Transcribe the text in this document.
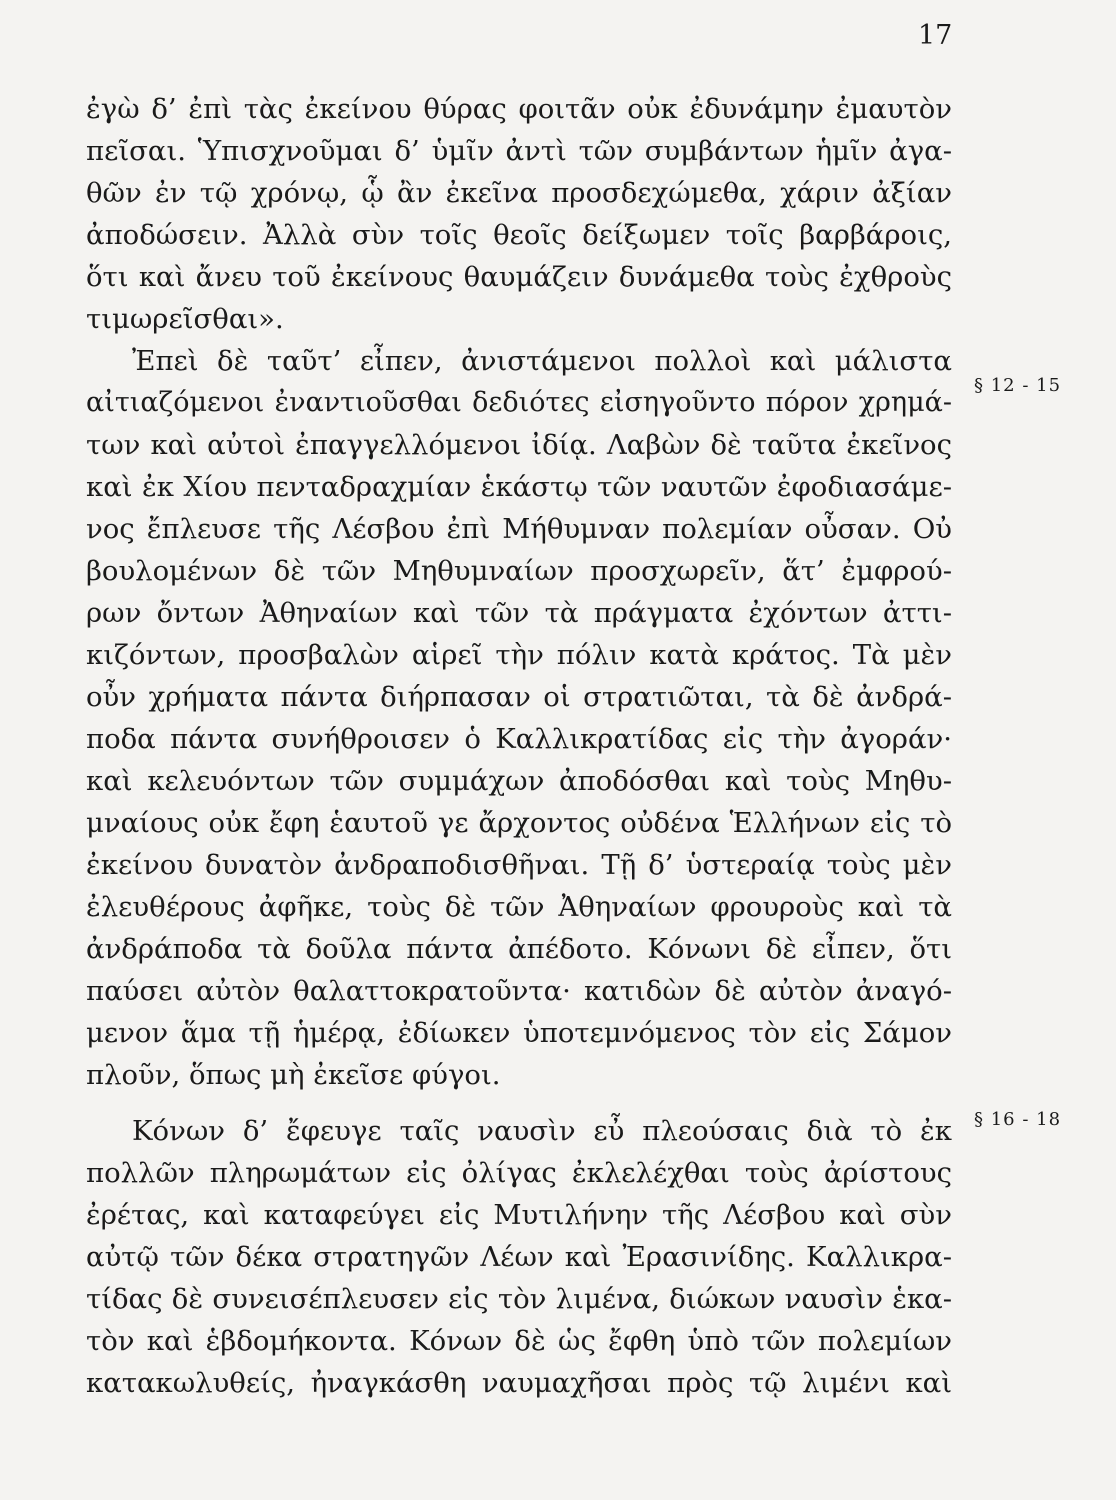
17
ἐγὼ δ’ ἐπὶ τὰς ἐκείνου θύρας φοιτᾶν οὐκ ἐδυνάμην ἐμαυτὸν
πεῖσαι. Ὑπισχνοῦμαι δ’ ὑμῖν ἀντὶ τῶν συμβάντων ἡμῖν ἀγα-
θῶν ἐν τῷ χρόνῳ, ᾧ ἂν ἐκεῖνα προσδεχώμεθα, χάριν ἀξίαν
ἀποδώσειν. Ἀλλὰ σὺν τοῖς θεοῖς δείξωμεν τοῖς βαρβάροις,
ὅτι καὶ ἄνευ τοῦ ἐκείνους θαυμάζειν δυνάμεθα τοὺς ἐχθροὺς
τιμωρεῖσθαι».
Ἐπεὶ δὲ ταῦτ’ εἶπεν, ἀνιστάμενοι πολλοὶ καὶ μάλιστα
αἰτιαζόμενοι ἐναντιοῦσθαι δεδιότες εἰσηγοῦντο πόρον χρημά-
των καὶ αὐτοὶ ἐπαγγελλόμενοι ἰδίᾳ. Λαβὼν δὲ ταῦτα ἐκεῖνος
καὶ ἐκ Χίου πενταδραχμίαν ἑκάστῳ τῶν ναυτῶν ἐφοδιασάμε-
νος ἔπλευσε τῆς Λέσβου ἐπὶ Μήθυμναν πολεμίαν οὖσαν. Οὐ
βουλομένων δὲ τῶν Μηθυμναίων προσχωρεῖν, ἅτ’ ἐμφρού-
ρων ὄντων Ἀθηναίων καὶ τῶν τὰ πράγματα ἐχόντων ἀττι-
κιζόντων, προσβαλὼν αἱρεῖ τὴν πόλιν κατὰ κράτος. Τὰ μὲν
οὖν χρήματα πάντα διήρπασαν οἱ στρατιῶται, τὰ δὲ ἀνδρά-
ποδα πάντα συνήθροισεν ὁ Καλλικρατίδας εἰς τὴν ἀγοράν·
καὶ κελευόντων τῶν συμμάχων ἀποδόσθαι καὶ τοὺς Μηθυ-
μναίους οὐκ ἔφη ἑαυτοῦ γε ἄρχοντος οὐδένα Ἑλλήνων εἰς τὸ
ἐκείνου δυνατὸν ἀνδραποδισθῆναι. Τῇ δ’ ὑστεραίᾳ τοὺς μὲν
ἐλευθέρους ἀφῆκε, τοὺς δὲ τῶν Ἀθηναίων φρουροὺς καὶ τὰ
ἀνδράποδα τὰ δοῦλα πάντα ἀπέδοτο. Κόνωνι δὲ εἶπεν, ὅτι
παύσει αὐτὸν θαλαττοκρατοῦντα· κατιδὼν δὲ αὐτὸν ἀναγό-
μενον ἅμα τῇ ἡμέρᾳ, ἐδίωκεν ὑποτεμνόμενος τὸν εἰς Σάμον
πλοῦν, ὅπως μὴ ἐκεῖσε φύγοι.
Κόνων δ’ ἔφευγε ταῖς ναυσὶν εὖ πλεούσαις διὰ τὸ ἐκ
πολλῶν πληρωμάτων εἰς ὀλίγας ἐκλελέχθαι τοὺς ἀρίστους
ἐρέτας, καὶ καταφεύγει εἰς Μυτιλήνην τῆς Λέσβου καὶ σὺν
αὐτῷ τῶν δέκα στρατηγῶν Λέων καὶ Ἐρασινίδης. Καλλικρα-
τίδας δὲ συνεισέπλευσεν εἰς τὸν λιμένα, διώκων ναυσὶν ἑκα-
τὸν καὶ ἑβδομήκοντα. Κόνων δὲ ὡς ἔφθη ὑπὸ τῶν πολεμίων
κατακωλυθείς, ἠναγκάσθη ναυμαχῆσαι πρὸς τῷ λιμένι καὶ
§ 12 - 15
§ 16 - 18
